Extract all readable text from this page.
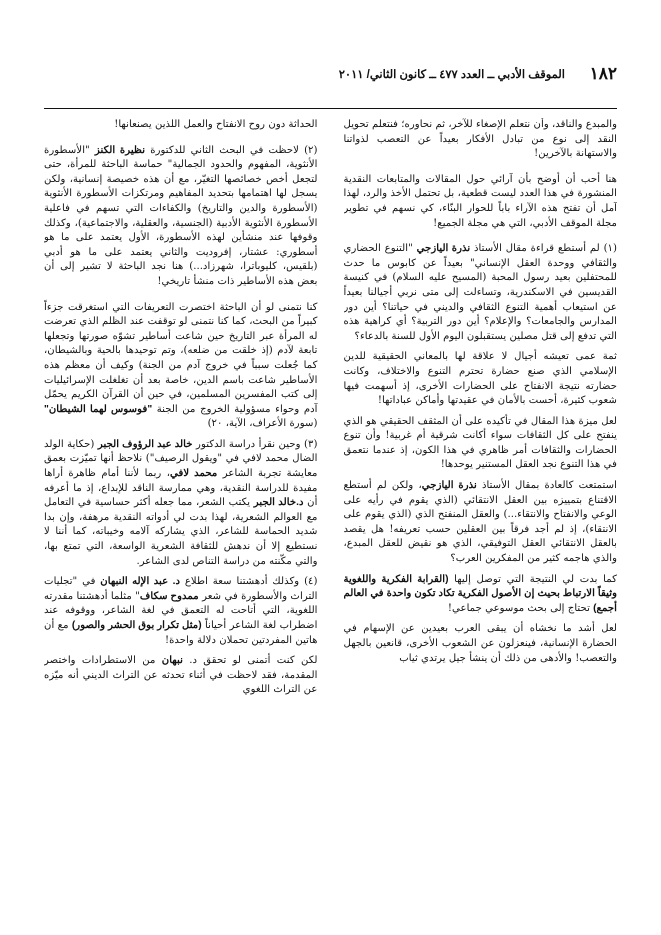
١٨٢
الموقف الأدبي ــ العدد ٤٧٧ ــ كانون الثاني/ ٢٠١١

والمبدع والناقد، وأن نتعلم الإصغاء للآخر، ثم نحاوره؛ فنتعلم تحويل النقد إلى نوع من تبادل الأفكار بعيداً عن التعصب لذواتنا والاستهانة بالآخرين!

هنا أحب أن أوضح بأن آرائي حول المقالات والمتابعات النقدية المنشورة في هذا العدد ليست قطعية، بل تحتمل الأخذ والرد، لهذا آمل أن تفتح هذه الآراء باباً للحوار البنّاء، كي نسهم في تطوير مجلة الموقف الأدبي، التي هي مجلة الجميع!

(١) لم أستطع قراءة مقال الأستاذ نذرة اليازجي "التنوع الحضاري والثقافي ووحدة العقل الإنساني" بعيداً عن كابوس ما حدث للمحتفلين بعيد رسول المحبة (المسيح عليه السلام) في كنيسة القديسين في الاسكندرية، وتساءلت إلى متى نربي أجيالنا بعيداً عن استيعاب أهمية التنوع الثقافي والديني في حياتنا؟ أين دور المدارس والجامعات؟ والإعلام؟ أين دور التربية؟ أي كراهية هذه التي تدفع إلى قتل مصلين يستقبلون اليوم الأول للسنة بالدعاء؟

ثمة عمى تعيشه أجيال لا علاقة لها بالمعاني الحقيقية للدين الإسلامي الذي صنع حضارة تحترم التنوع والاختلاف، وكانت حضارته نتيجة الانفتاح على الحضارات الأخرى، إذ أسهمت فيها شعوب كثيرة، أحست بالأمان في عقيدتها وأماكن عباداتها!

لعل ميزة هذا المقال في تأكيده على أن المثقف الحقيقي هو الذي ينفتح على كل الثقافات سواء أكانت شرقية أم غربية! وأن تنوع الحضارات والثقافات أمر ظاهري في هذا الكون، إذ عندما نتعمق في هذا التنوع نجد العقل المستنير يوحدها!

استمتعت كالعادة بمقال الأستاذ نذرة اليازجي، ولكن لم أستطع الاقتناع بتمييزه بين العقل الانتقائي (الذي يقوم في رأيه على الوعي والانفتاح والانتقاء...) والعقل المنفتح الذي (الذي يقوم على الانتقاء)، إذ لم أجد فرقاً بين العقلين حسب تعريفه! هل يقصد بالعقل الانتقائي العقل التوفيقي، الذي هو نقيض للعقل المبدع، والذي هاجمه كثير من المفكرين العرب؟

كما بدت لي النتيجة التي توصل إليها (القرابة الفكرية واللغوية وثيقاً الارتباط بحيث إن الأصول الفكرية تكاد تكون واحدة في العالم أجمع) تحتاج إلى بحث موسوعي جماعي!

لعل أشد ما نخشاه أن يبقى العرب بعيدين عن الإسهام في الحضارة الإنسانية، فينعزلون عن الشعوب الأخرى، قانعين بالجهل والتعصب! والأدهى من ذلك أن ينشأ جيل يرتدي ثياب

الحداثة دون روح الانفتاح والعمل اللذين يصنعانها!

(٢) لاحظت في البحث الثاني للدكتورة نظيرة الكنز "الأسطورة الأنثوية، المفهوم والحدود الجمالية" حماسة الباحثة للمرأة، حتى لتجعل أخص خصائصها التغيّر، مع أن هذه خصيصة إنسانية، ولكن يسجل لها اهتمامها بتحديد المفاهيم ومرتكزات الأسطورة الأنثوية (الأسطورة والدين والتاريخ) والكفاءات التي تسهم في فاعلية الأسطورة الأنثوية الأدبية (الجنسية، والعقلية، والاجتماعية)، وكذلك وقوفها عند منشأين لهذه الأسطورة، الأول يعتمد على ما هو أسطوري: عشتار، إفروديت والثاني يعتمد على ما هو أدبي (بلقيس، كليوباترا، شهرزاد...) هنا نجد الباحثة لا تشير إلى أن بعض هذه الأساطير ذات منشأ تاريخي!

كنا نتمنى لو أن الباحثة اختصرت التعريفات التي استغرقت جزءاً كبيراً من البحث، كما كنا نتمنى لو توقفت عند الظلم الذي تعرضت له المرأة عبر التاريخ حين شاعت أساطير تشوّه صورتها وتجعلها تابعة لآدم (إذ خلقت من ضلعه)، وتم توحيدها بالحية وبالشيطان، كما جُعلت سبباً في خروج آدم من الجنة) وكيف أن معظم هذه الأساطير شاعت باسم الدين، خاصة بعد أن تغلغلت الإسرائيليات إلى كتب المفسرين المسلمين، في حين أن القرآن الكريم يحمّل آدم وحواء مسؤولية الخروج من الجنة "فوسوس لهما الشيطان" (سورة الأعراف، الآية، ٢٠)

(٣) وحين نقرأ دراسة الدكتور خالد عبد الرؤوف الجبر (حكاية الولد الضال محمد لافي في "ويقول الرصيف") نلاحظ أنها تميّزت بعمق معايشة تجربة الشاعر محمد لافي، ربما لأننا أمام ظاهرة أراها مفيدة للدراسة النقدية، وهي ممارسة الناقد للإبداع، إذ ما أعرفه أن د.خالد الجبر يكتب الشعر، مما جعله أكثر حساسية في التعامل مع العوالم الشعرية، لهذا بدت لي أدواته النقدية مرهفة، وإن بدا شديد الحماسة للشاعر، الذي يشاركه آلامه وخيباته، كما أننا لا نستطيع إلا أن ندهش للثقافة الشعرية الواسعة، التي تمتع بها، والتي مكّنته من دراسة التناص لدى الشاعر.

(٤) وكذلك أدهشتنا سعة اطلاع د. عبد الإله النبهان في "تجليات التراث والأسطورة في شعر ممدوح سكاف" مثلما أدهشتنا مقدرته اللغوية، التي أتاحت له التعمق في لغة الشاعر، ووقوفه عند اضطراب لغة الشاعر أحياناً (مثل تكرار بوق الحشر والصور) مع أن هاتين المفردتين تحملان دلالة واحدة!

لكن كنت أتمنى لو تحقق د. نبهان من الاستطرادات واختصر المقدمة، فقد لاحظت في أثناء تحدثه عن التراث الديني أنه ميّزه عن التراث اللغوي
